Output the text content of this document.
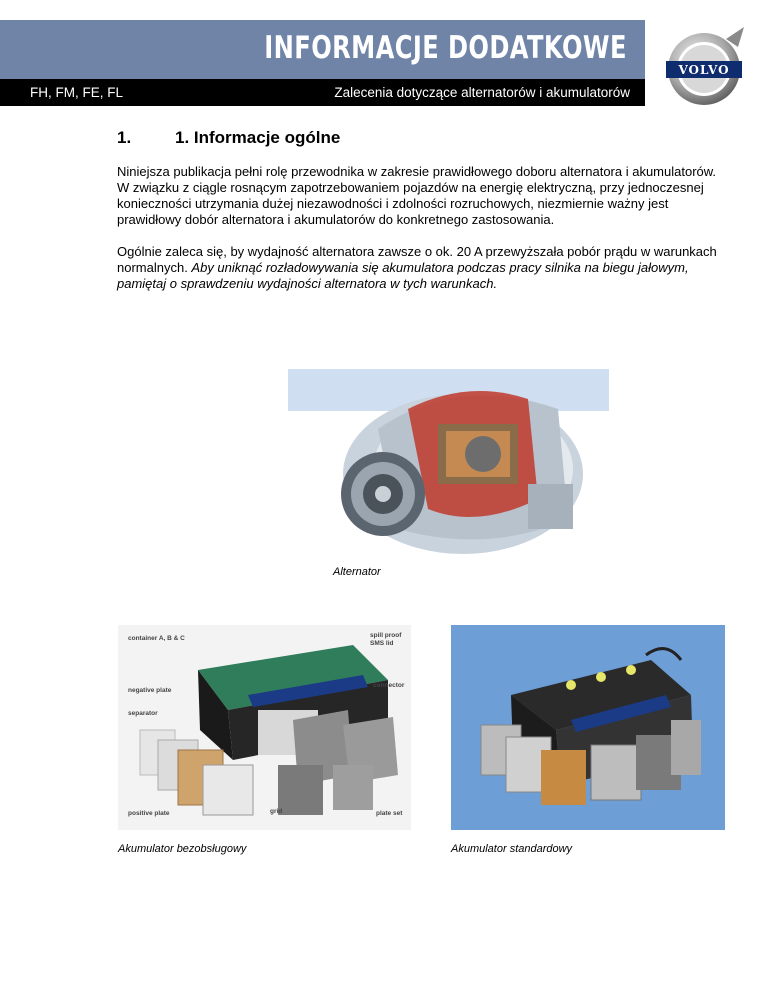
INFORMACJE DODATKOWE
FH, FM, FE, FL	Zalecenia dotyczące alternatorów i akumulatorów
VOLVO
1.	1. Informacje ogólne

Niniejsza publikacja pełni rolę przewodnika w zakresie prawidłowego doboru alternatora i akumulatorów.

W związku z ciągle rosnącym zapotrzebowaniem pojazdów na energię elektryczną, przy jednoczesnej konieczności utrzymania dużej niezawodności i zdolności rozruchowych, niezmiernie ważny jest prawidłowy dobór alternatora i akumulatorów do konkretnego zastosowania.

Ogólnie zaleca się, by wydajność alternatora zawsze o ok. 20 A przewyższała pobór prądu w warunkach normalnych. Aby uniknąć rozładowywania się akumulatora podczas pracy silnika na biegu jałowym, pamiętaj o sprawdzeniu wydajności alternatora w tych warunkach.

Alternator
container A, B & C	spill proof
SMS lid
connector
negative plate
separator
positive plate	grid	plate set
Akumulator bezobsługowy	Akumulator standardowy
